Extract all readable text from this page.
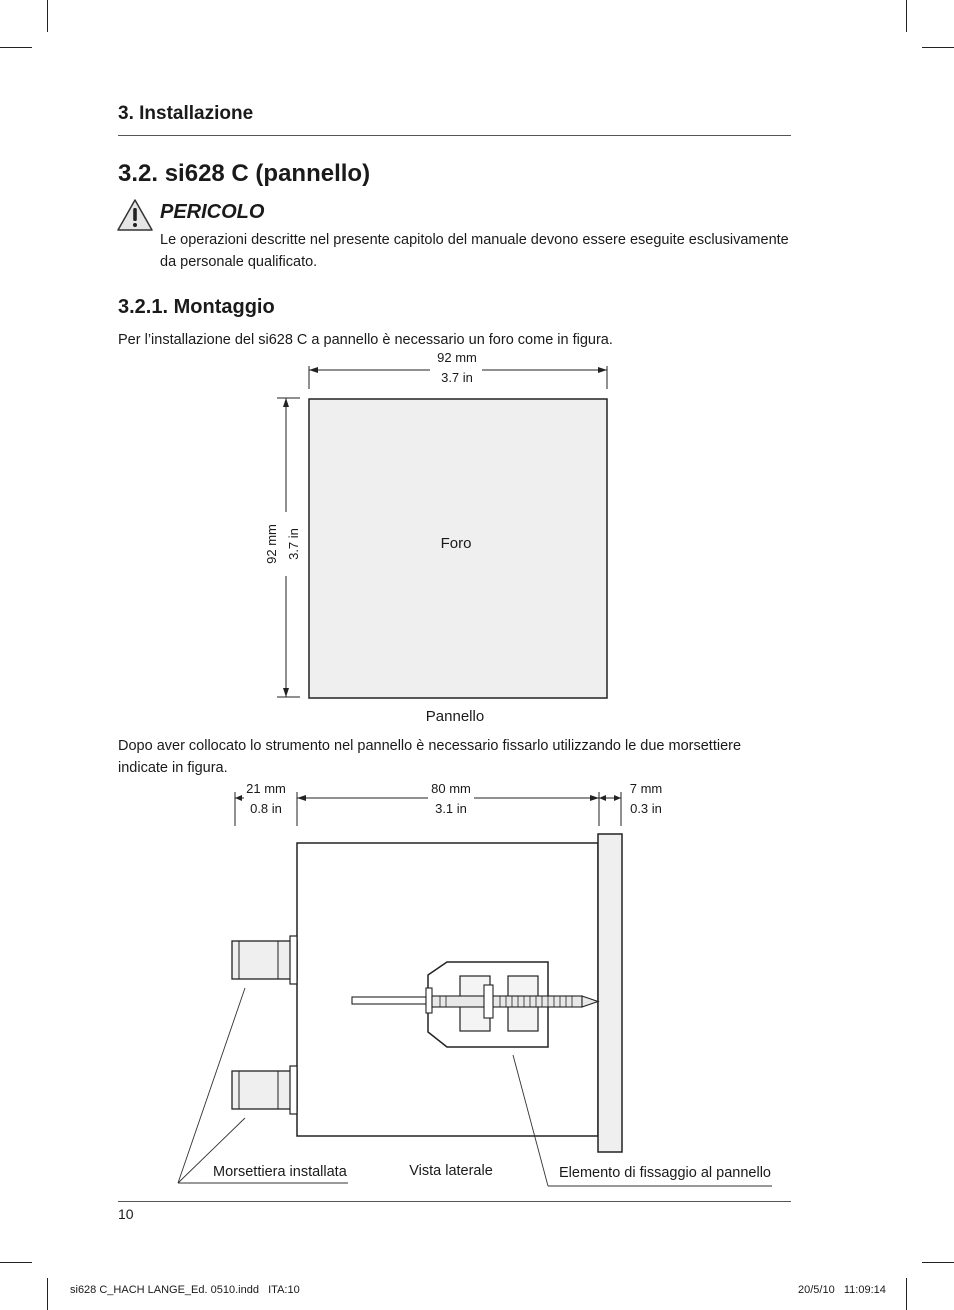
3. Installazione
3.2. si628 C (pannello)
PERICOLO
Le operazioni descritte nel presente capitolo del manuale devono essere eseguite esclusivamente da personale qualificato.
3.2.1. Montaggio
Per l’installazione del si628 C a pannello è necessario un foro come in figura.
92 mm
3.7 in
92 mm 3.7 in	Foro
Pannello
Dopo aver collocato lo strumento nel pannello è necessario fissarlo utilizzando le due morsettiere indicate in figura.
21 mm
0.8 in
80 mm
3.1 in
7 mm
0.3 in
Morsettiera installata	Vista laterale	Elemento di fissaggio al pannello
10
si628 C_HACH LANGE_Ed. 0510.indd   ITA:10	20/5/10   11:09:14
